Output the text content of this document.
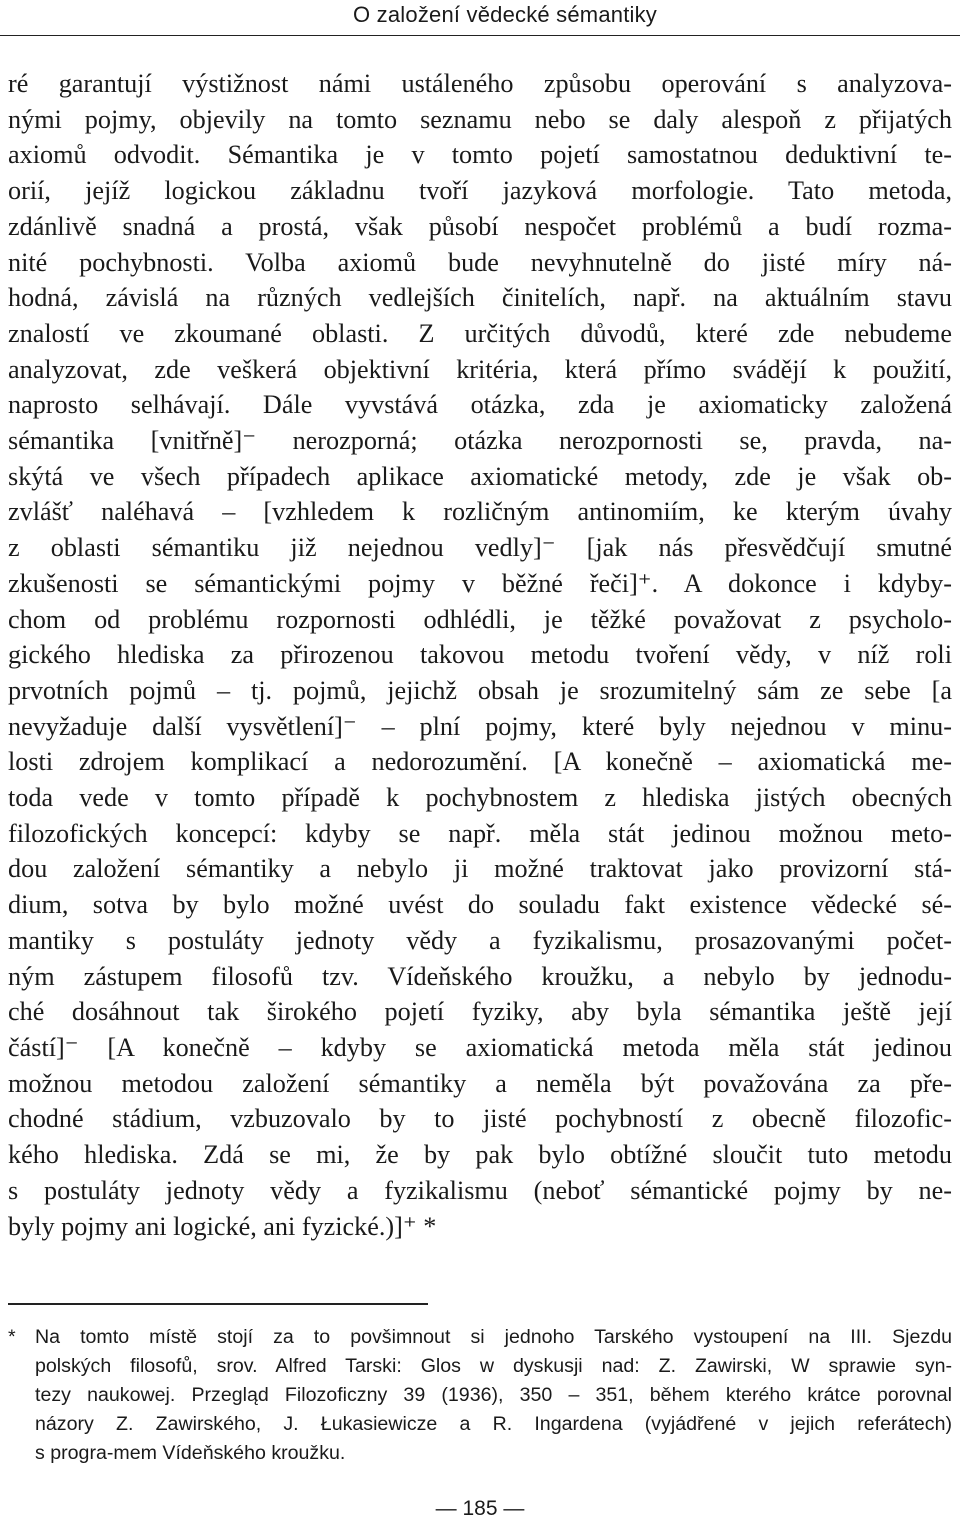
O založení vědecké sémantiky
ré garantují výstižnost námi ustáleného způsobu operování s analyzova-
nými pojmy, objevily na tomto seznamu nebo se daly alespoň z přijatých
axiomů odvodit. Sémantika je v tomto pojetí samostatnou deduktivní te-
orií, jejíž logickou základnu tvoří jazyková morfologie. Tato metoda,
zdánlivě snadná a prostá, však působí nespočet problémů a budí rozma-
nité pochybnosti. Volba axiomů bude nevyhnutelně do jisté míry ná-
hodná, závislá na různých vedlejších činitelích, např. na aktuálním stavu
znalostí ve zkoumané oblasti. Z určitých důvodů, které zde nebudeme
analyzovat, zde veškerá objektivní kritéria, která přímo svádějí k použití,
naprosto selhávají. Dále vyvstává otázka, zda je axiomaticky založená
sémantika [vnitřně]⁻ nerozporná; otázka nerozpornosti se, pravda, na-
skýtá ve všech případech aplikace axiomatické metody, zde je však ob-
zvlášť naléhavá – [vzhledem k rozličným antinomiím, ke kterým úvahy
z oblasti sémantiku již nejednou vedly]⁻ [jak nás přesvědčují smutné
zkušenosti se sémantickými pojmy v běžné řeči]⁺. A dokonce i kdyby-
chom od problému rozpornosti odhlédli, je těžké považovat z psycholo-
gického hlediska za přirozenou takovou metodu tvoření vědy, v níž roli
prvotních pojmů – tj. pojmů, jejichž obsah je srozumitelný sám ze sebe [a
nevyžaduje další vysvětlení]⁻ – plní pojmy, které byly nejednou v minu-
losti zdrojem komplikací a nedorozumění. [A konečně – axiomatická me-
toda vede v tomto případě k pochybnostem z hlediska jistých obecných
filozofických koncepcí: kdyby se např. měla stát jedinou možnou meto-
dou založení sémantiky a nebylo ji možné traktovat jako provizorní stá-
dium, sotva by bylo možné uvést do souladu fakt existence vědecké sé-
mantiky s postuláty jednoty vědy a fyzikalismu, prosazovanými počet-
ným zástupem filosofů tzv. Vídeňského kroužku, a nebylo by jednodu-
ché dosáhnout tak širokého pojetí fyziky, aby byla sémantika ještě její
částí]⁻ [A konečně – kdyby se axiomatická metoda měla stát jedinou
možnou metodou založení sémantiky a neměla být považována za pře-
chodné stádium, vzbuzovalo by to jisté pochybností z obecně filozofic-
kého hlediska. Zdá se mi, že by pak bylo obtížné sloučit tuto metodu
s postuláty jednoty vědy a fyzikalismu (neboť sémantické pojmy by ne-
byly pojmy ani logické, ani fyzické.)]⁺ *
* Na tomto místě stojí za to povšimnout si jednoho Tarského vystoupení na III. Sjezdu
polských filosofů, srov. Alfred Tarski: Glos w dyskusji nad: Z. Zawirski, W sprawie syn-
tezy naukowej. Przegląd Filozoficzny 39 (1936), 350 – 351, během kterého krátce porovnal
názory Z. Zawirského, J. Łukasiewicze a R. Ingardena (vyjádřené v jejich referátech)
s progra-mem Vídeňského kroužku.
— 185 —
